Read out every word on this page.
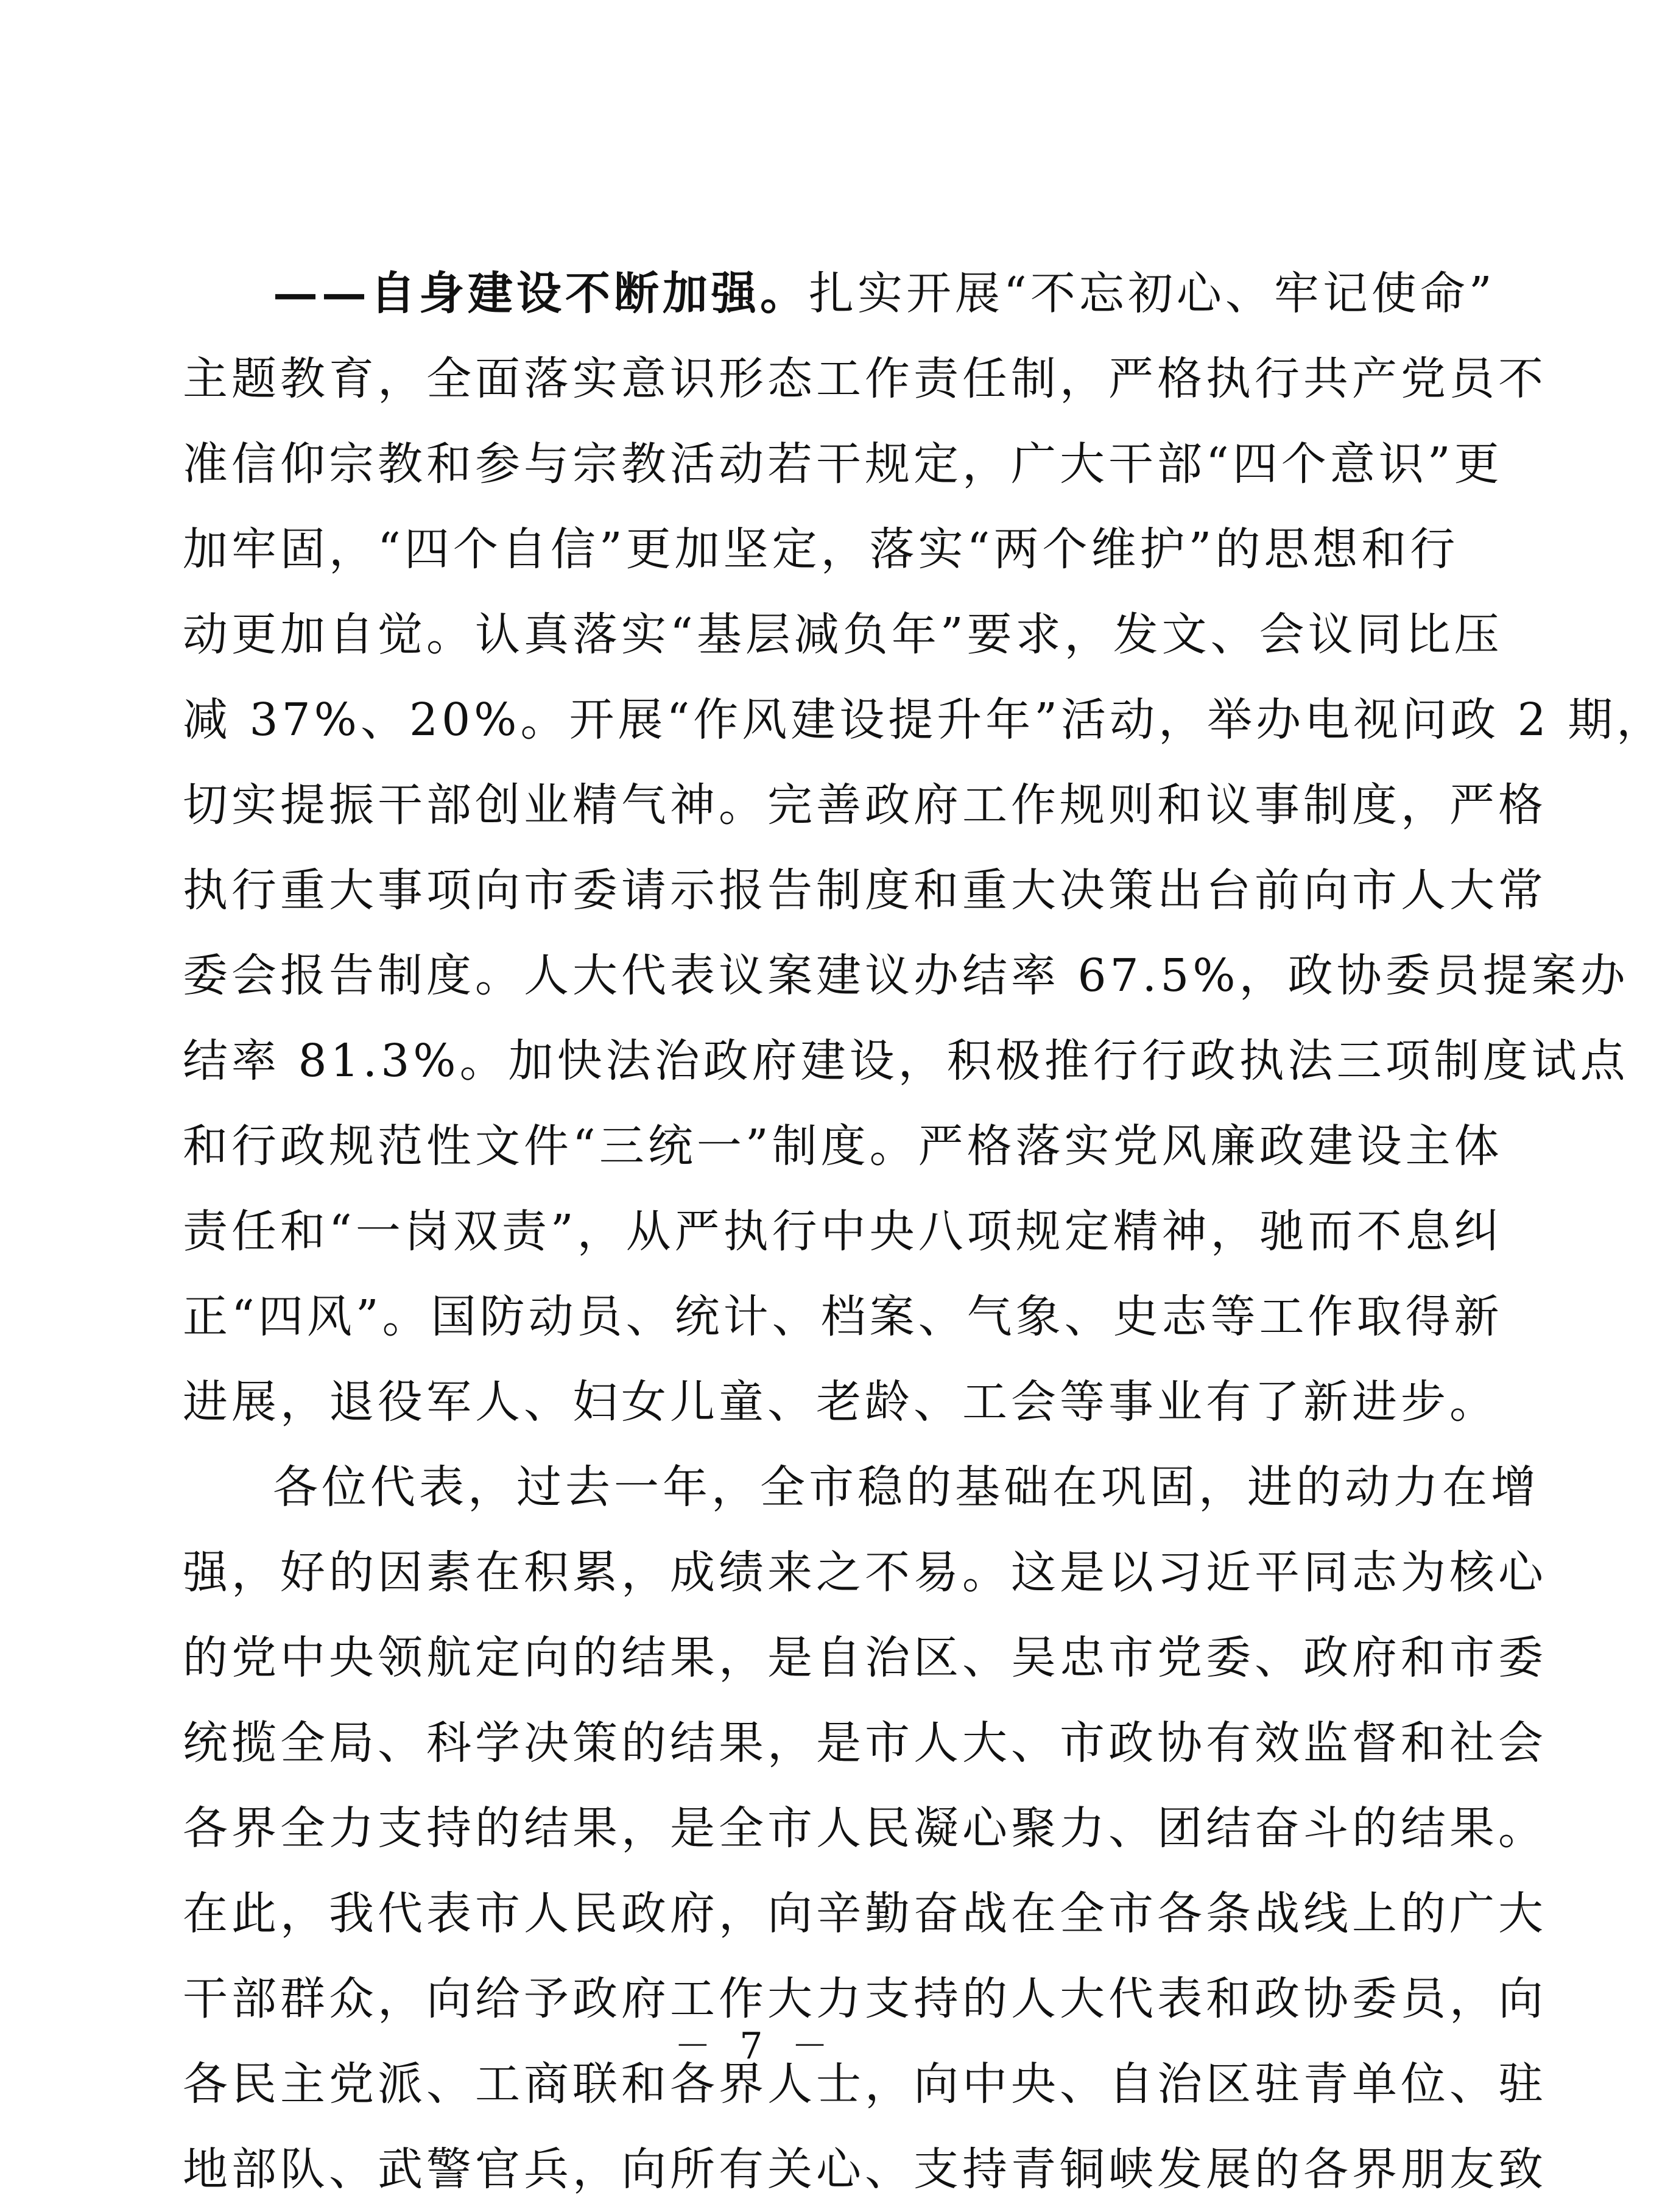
——自身建设不断加强。扎实开展“不忘初心、牢记使命”
主题教育，全面落实意识形态工作责任制，严格执行共产党员不
准信仰宗教和参与宗教活动若干规定，广大干部“四个意识”更
加牢固，“四个自信”更加坚定，落实“两个维护”的思想和行
动更加自觉。认真落实“基层减负年”要求，发文、会议同比压
减 37%、20%。开展“作风建设提升年”活动，举办电视问政 2 期，
切实提振干部创业精气神。完善政府工作规则和议事制度，严格
执行重大事项向市委请示报告制度和重大决策出台前向市人大常
委会报告制度。人大代表议案建议办结率 67.5%，政协委员提案办
结率 81.3%。加快法治政府建设，积极推行行政执法三项制度试点
和行政规范性文件“三统一”制度。严格落实党风廉政建设主体
责任和“一岗双责”，从严执行中央八项规定精神，驰而不息纠
正“四风”。国防动员、统计、档案、气象、史志等工作取得新
进展，退役军人、妇女儿童、老龄、工会等事业有了新进步。
各位代表，过去一年，全市稳的基础在巩固，进的动力在增
强，好的因素在积累，成绩来之不易。这是以习近平同志为核心
的党中央领航定向的结果，是自治区、吴忠市党委、政府和市委
统揽全局、科学决策的结果，是市人大、市政协有效监督和社会
各界全力支持的结果，是全市人民凝心聚力、团结奋斗的结果。
在此，我代表市人民政府，向辛勤奋战在全市各条战线上的广大
干部群众，向给予政府工作大力支持的人大代表和政协委员，向
各民主党派、工商联和各界人士，向中央、自治区驻青单位、驻
地部队、武警官兵，向所有关心、支持青铜峡发展的各界朋友致
－ 7 －
